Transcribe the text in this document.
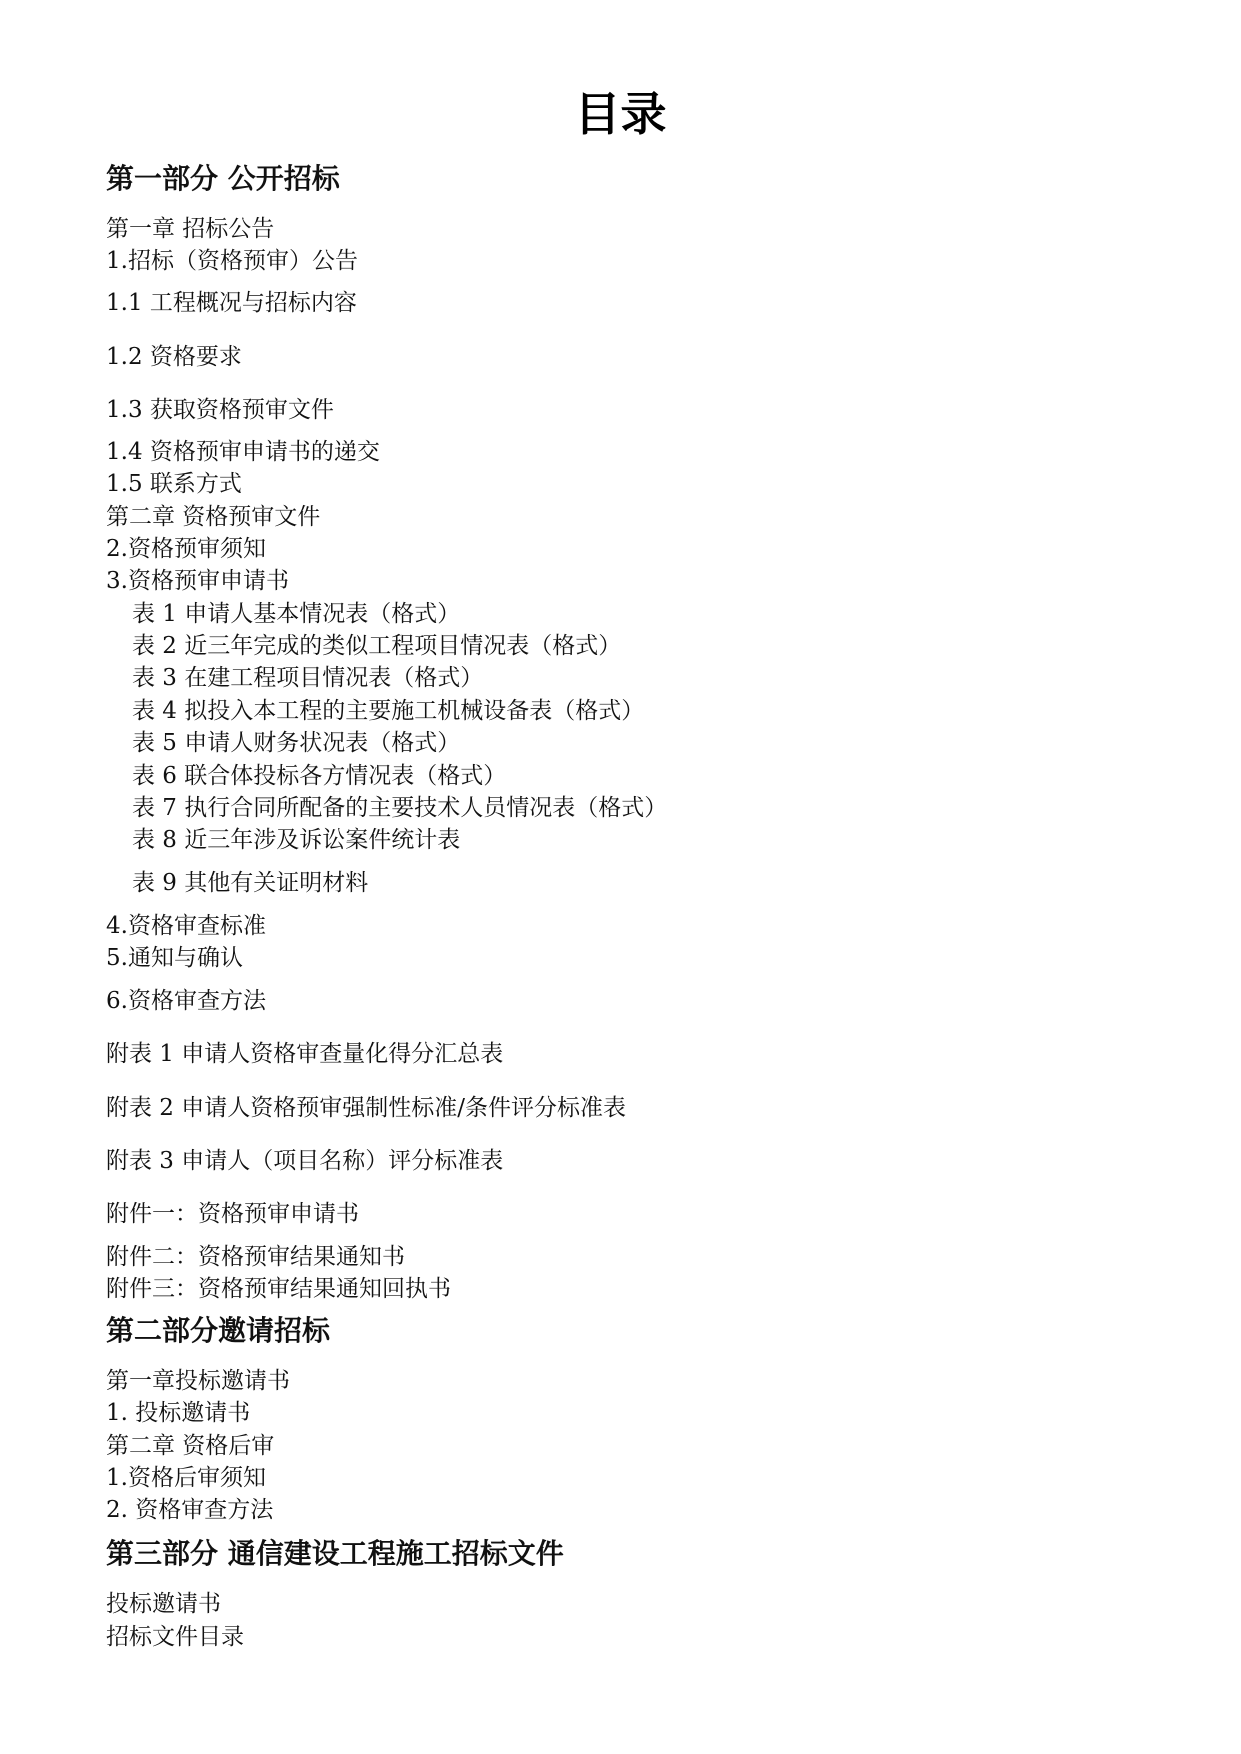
目录
第一部分 公开招标
第一章 招标公告
1.招标（资格预审）公告
1.1 工程概况与招标内容
1.2 资格要求
1.3 获取资格预审文件
1.4 资格预审申请书的递交
1.5 联系方式
第二章 资格预审文件
2.资格预审须知
3.资格预审申请书
表 1 申请人基本情况表（格式）
表 2 近三年完成的类似工程项目情况表（格式）
表 3 在建工程项目情况表（格式）
表 4 拟投入本工程的主要施工机械设备表（格式）
表 5 申请人财务状况表（格式）
表 6 联合体投标各方情况表（格式）
表 7 执行合同所配备的主要技术人员情况表（格式）
表 8 近三年涉及诉讼案件统计表
表 9 其他有关证明材料
4.资格审查标准
5.通知与确认
6.资格审查方法
附表 1 申请人资格审查量化得分汇总表
附表 2 申请人资格预审强制性标准/条件评分标准表
附表 3 申请人（项目名称）评分标准表
附件一：资格预审申请书
附件二：资格预审结果通知书
附件三：资格预审结果通知回执书
第二部分邀请招标
第一章投标邀请书
1. 投标邀请书
第二章 资格后审
1.资格后审须知
2. 资格审查方法
第三部分 通信建设工程施工招标文件
投标邀请书
招标文件目录
